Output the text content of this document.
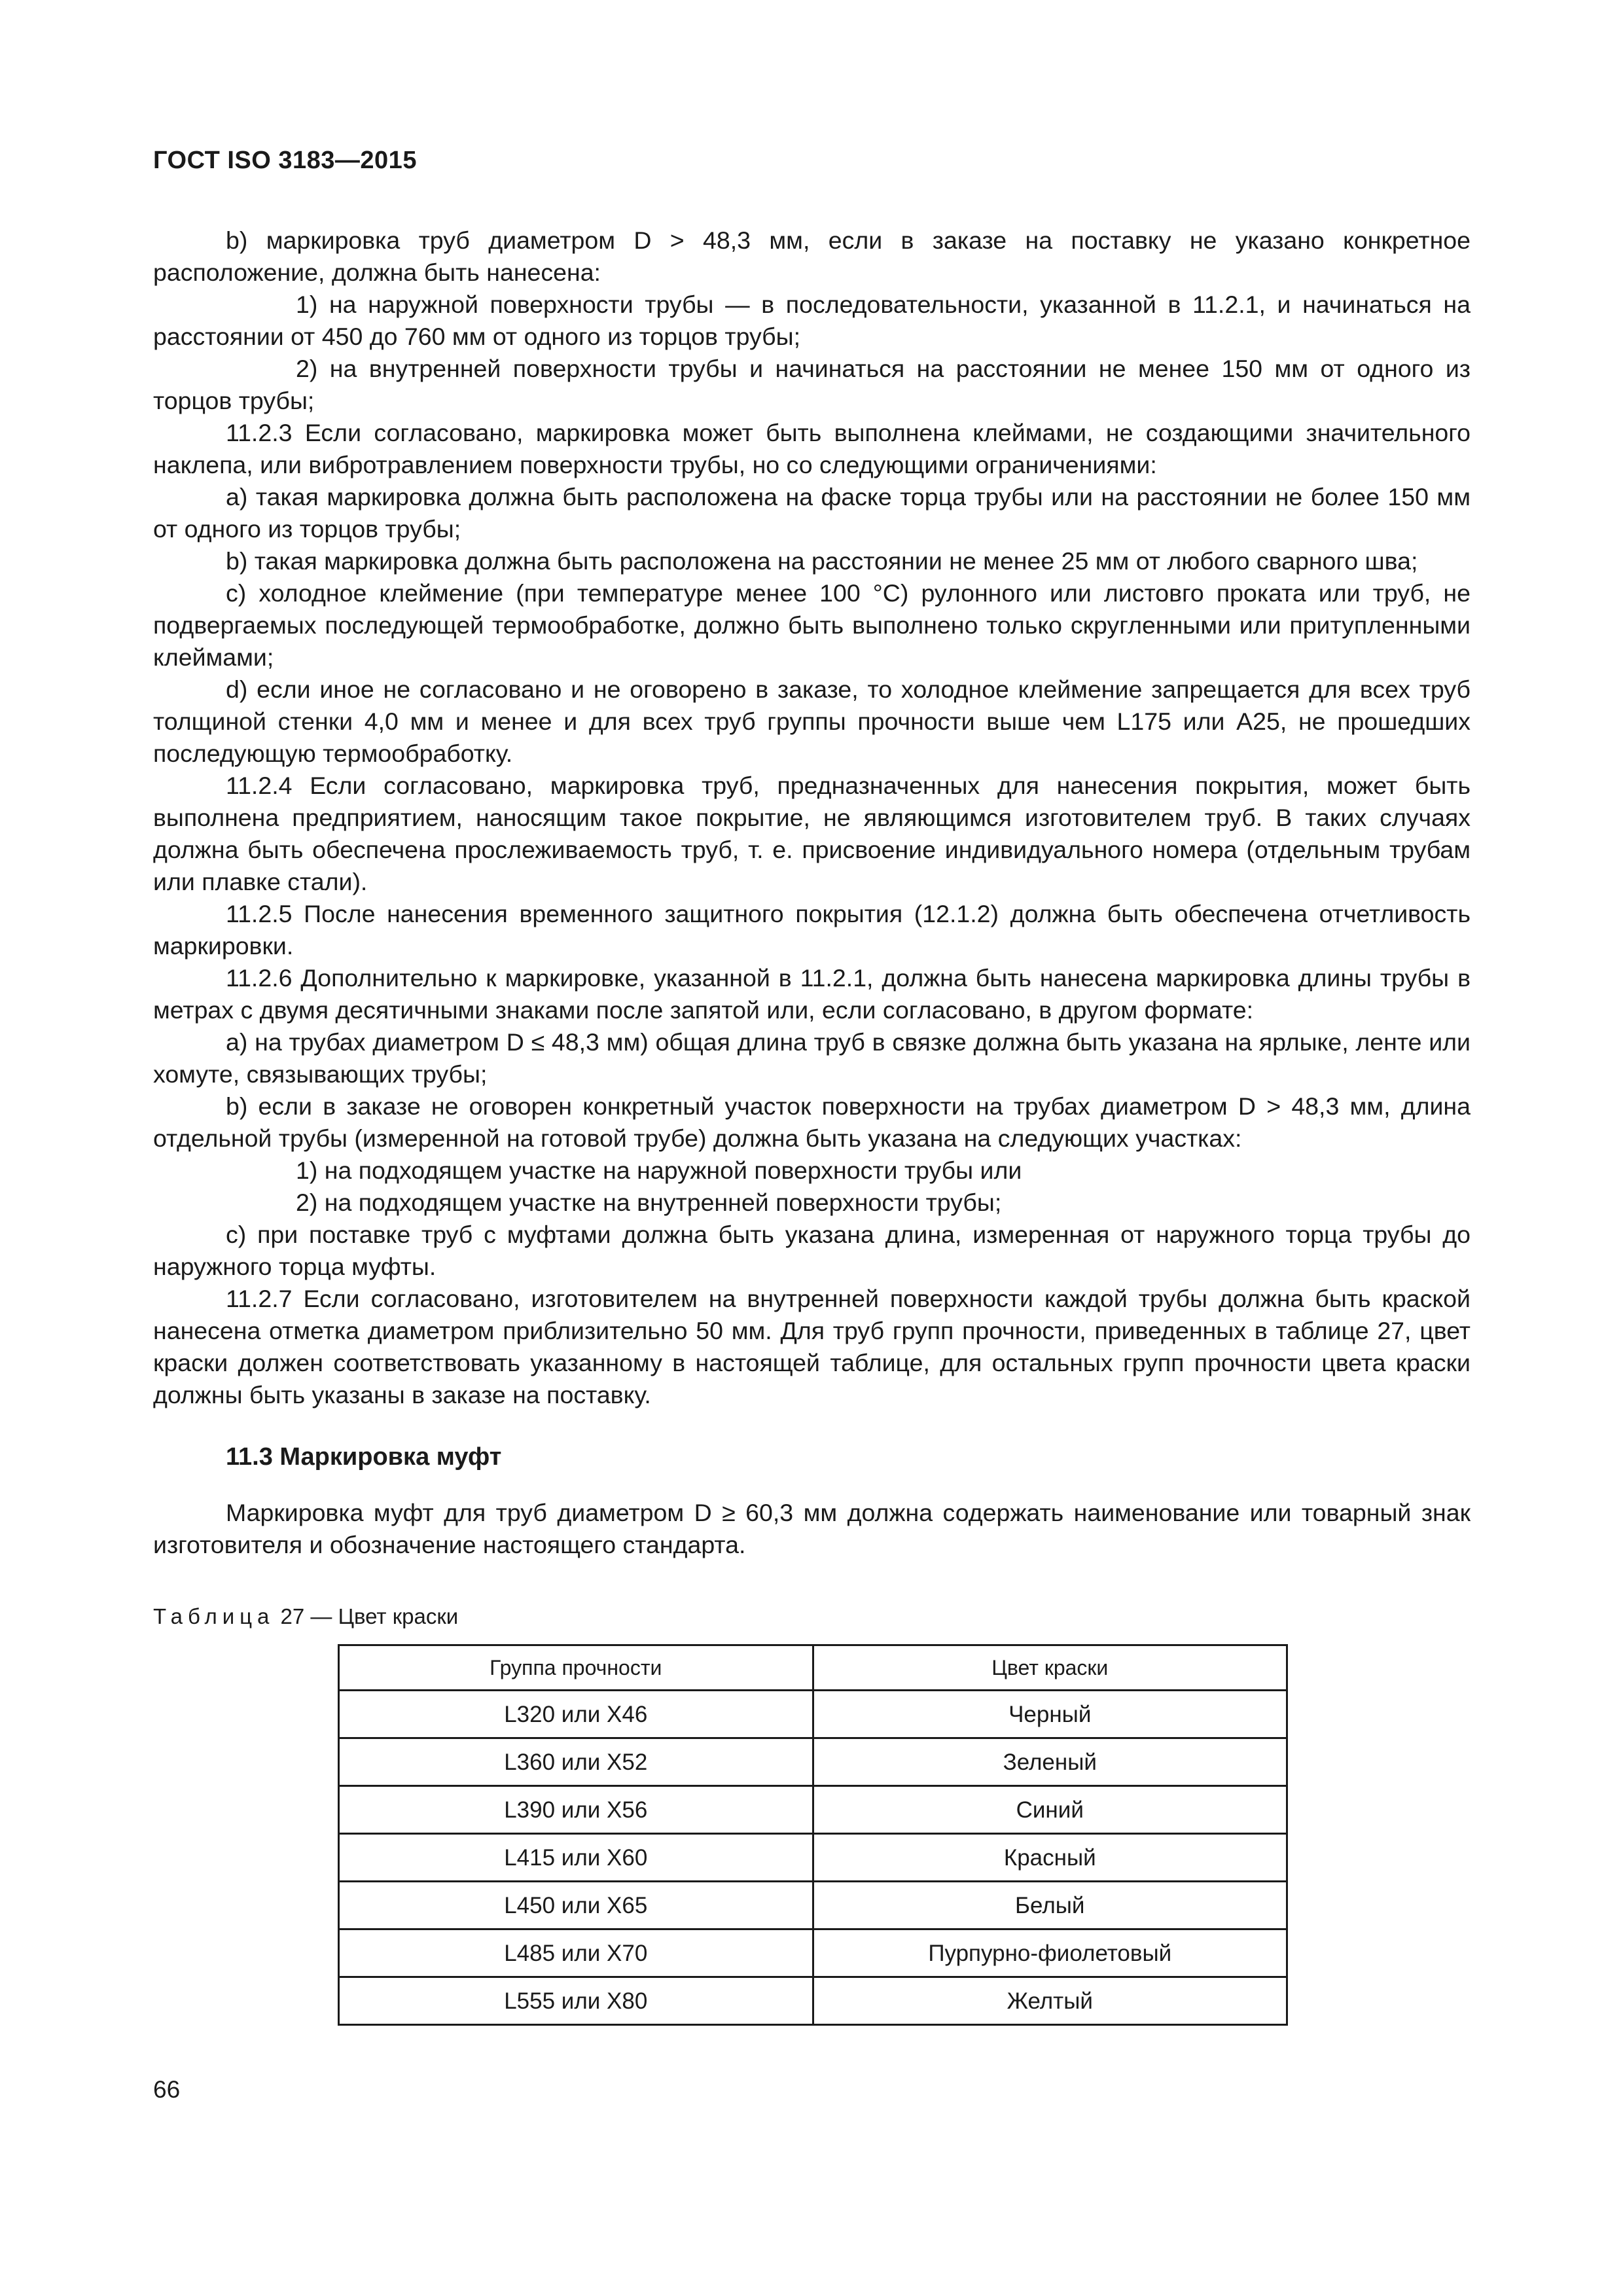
ГОСТ ISO 3183—2015

b) маркировка труб диаметром D > 48,3 мм, если в заказе на поставку не указано конкретное расположение, должна быть нанесена:

1) на наружной поверхности трубы — в последовательности, указанной в 11.2.1, и начинаться на расстоянии от 450 до 760 мм от одного из торцов трубы;

2) на внутренней поверхности трубы и начинаться на расстоянии не менее 150 мм от одного из торцов трубы;

11.2.3 Если согласовано, маркировка может быть выполнена клеймами, не создающими значительного наклепа, или вибротравлением поверхности трубы, но со следующими ограничениями:

a) такая маркировка должна быть расположена на фаске торца трубы или на расстоянии не более 150 мм от одного из торцов трубы;

b) такая маркировка должна быть расположена на расстоянии не менее 25 мм от любого сварного шва;

c) холодное клеймение (при температуре менее 100 °С) рулонного или листовго проката или труб, не подвергаемых последующей термообработке, должно быть выполнено только скругленными или притупленными клеймами;

d) если иное не согласовано и не оговорено в заказе, то холодное клеймение запрещается для всех труб толщиной стенки 4,0 мм и менее и для всех труб группы прочности выше чем L175 или А25, не прошедших последующую термообработку.

11.2.4 Если согласовано, маркировка труб, предназначенных для нанесения покрытия, может быть выполнена предприятием, наносящим такое покрытие, не являющимся изготовителем труб. В таких случаях должна быть обеспечена прослеживаемость труб, т. е. присвоение индивидуального номера (отдельным трубам или плавке стали).

11.2.5 После нанесения временного защитного покрытия (12.1.2) должна быть обеспечена отчетливость маркировки.

11.2.6 Дополнительно к маркировке, указанной в 11.2.1, должна быть нанесена маркировка длины трубы в метрах с двумя десятичными знаками после запятой или, если согласовано, в другом формате:

a) на трубах диаметром D ≤ 48,3 мм) общая длина труб в связке должна быть указана на ярлыке, ленте или хомуте, связывающих трубы;

b) если в заказе не оговорен конкретный участок поверхности на трубах диаметром D > 48,3 мм, длина отдельной трубы (измеренной на готовой трубе) должна быть указана на следующих участках:

1) на подходящем участке на наружной поверхности трубы или

2) на подходящем участке на внутренней поверхности трубы;

c) при поставке труб с муфтами должна быть указана длина, измеренная от наружного торца трубы до наружного торца муфты.

11.2.7 Если согласовано, изготовителем на внутренней поверхности каждой трубы должна быть краской нанесена отметка диаметром приблизительно 50 мм. Для труб групп прочности, приведенных в таблице 27, цвет краски должен соответствовать указанному в настоящей таблице, для остальных групп прочности цвета краски должны быть указаны в заказе на поставку.

11.3 Маркировка муфт

Маркировка муфт для труб диаметром D ≥ 60,3 мм должна содержать наименование или товарный знак изготовителя и обозначение настоящего стандарта.

Таблица 27 — Цвет краски
Группа прочности	Цвет краски
L320 или X46	Черный
L360 или X52	Зеленый
L390 или X56	Синий
L415 или X60	Красный
L450 или X65	Белый
L485 или X70	Пурпурно-фиолетовый
L555 или X80	Желтый
66
